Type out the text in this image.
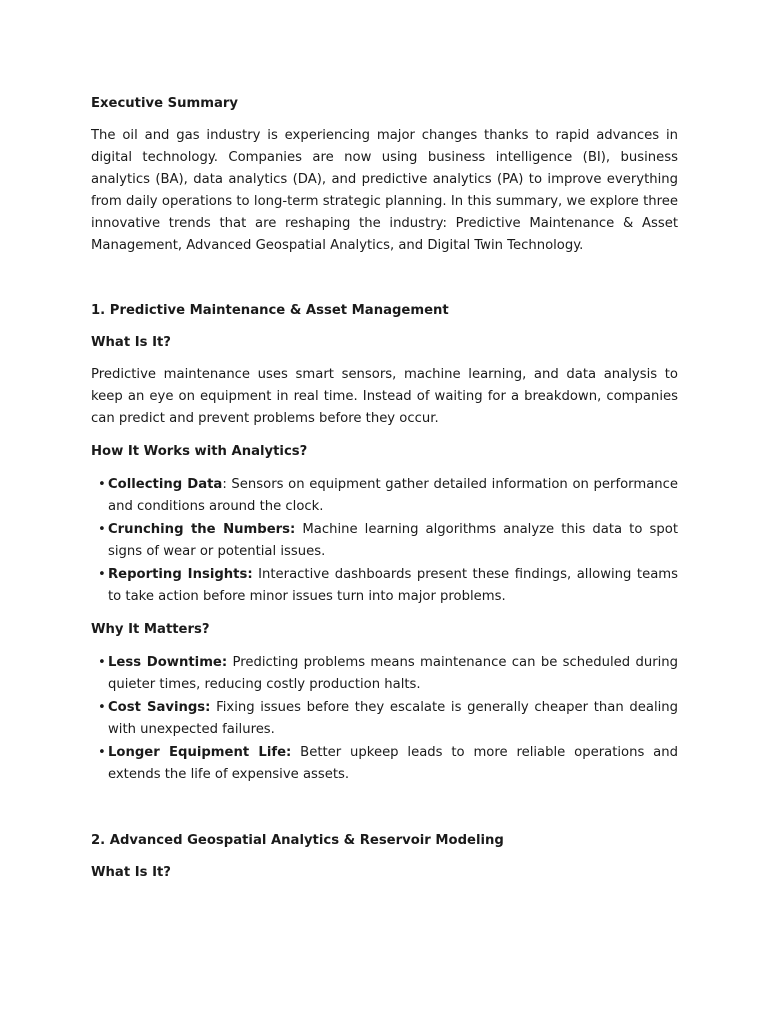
Executive Summary

The oil and gas industry is experiencing major changes thanks to rapid advances in digital technology. Companies are now using business intelligence (BI), business analytics (BA), data analytics (DA), and predictive analytics (PA) to improve everything from daily operations to long-term strategic planning. In this summary, we explore three innovative trends that are reshaping the industry: Predictive Maintenance & Asset Management, Advanced Geospatial Analytics, and Digital Twin Technology.

1. Predictive Maintenance & Asset Management

What Is It?

Predictive maintenance uses smart sensors, machine learning, and data analysis to keep an eye on equipment in real time. Instead of waiting for a breakdown, companies can predict and prevent problems before they occur.

How It Works with Analytics?

• Collecting Data: Sensors on equipment gather detailed information on performance and conditions around the clock.
• Crunching the Numbers: Machine learning algorithms analyze this data to spot signs of wear or potential issues.
• Reporting Insights: Interactive dashboards present these findings, allowing teams to take action before minor issues turn into major problems.

Why It Matters?

• Less Downtime: Predicting problems means maintenance can be scheduled during quieter times, reducing costly production halts.
• Cost Savings: Fixing issues before they escalate is generally cheaper than dealing with unexpected failures.
• Longer Equipment Life: Better upkeep leads to more reliable operations and extends the life of expensive assets.

2. Advanced Geospatial Analytics & Reservoir Modeling

What Is It?
